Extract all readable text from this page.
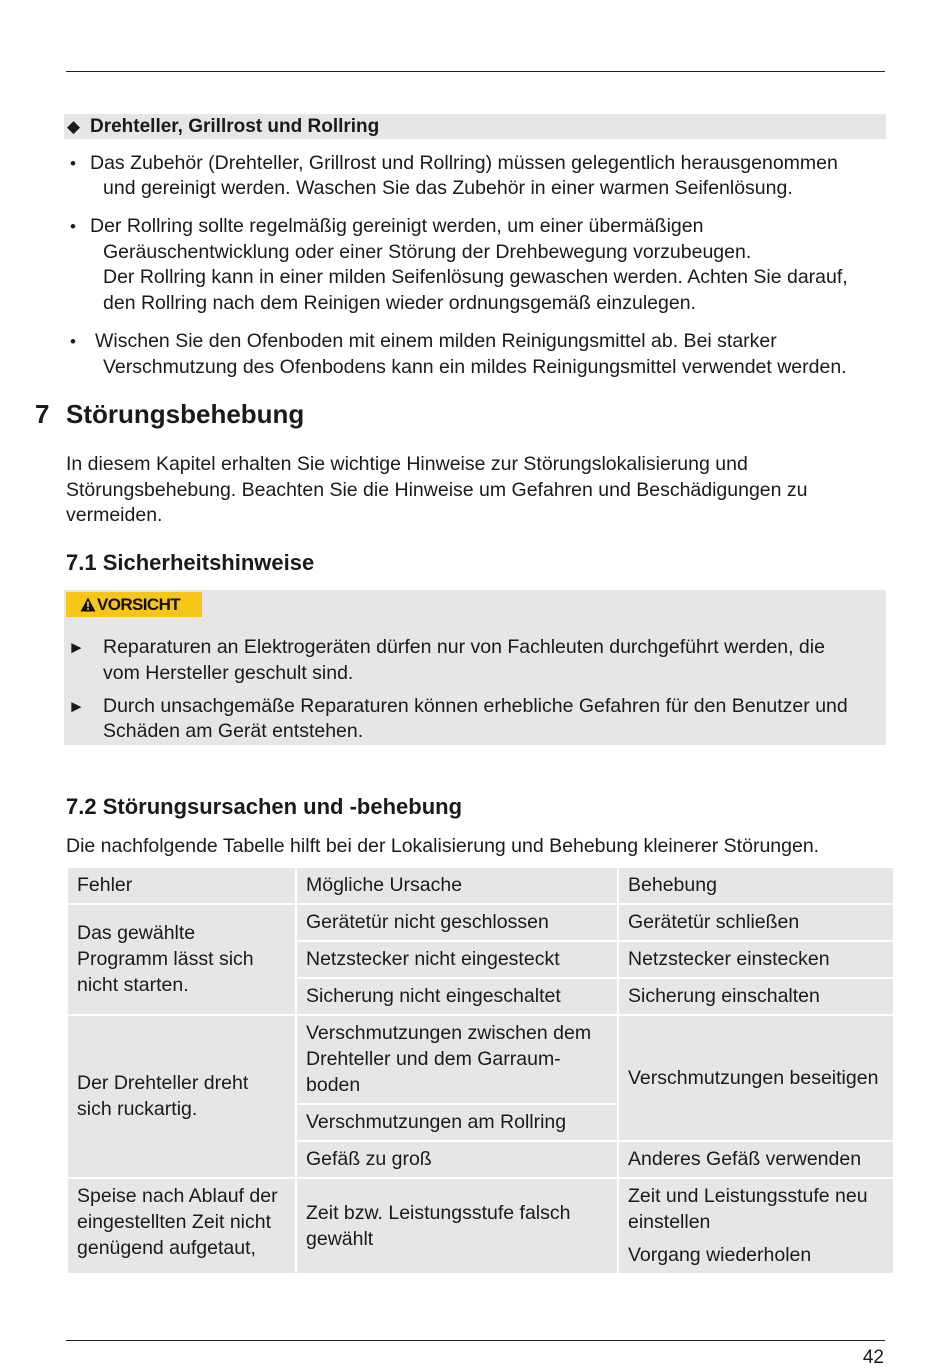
◆ Drehteller, Grillrost und Rollring
• Das Zubehör (Drehteller, Grillrost und Rollring) müssen gelegentlich herausgenommen
und gereinigt werden. Waschen Sie das Zubehör in einer warmen Seifenlösung.
• Der Rollring sollte regelmäßig gereinigt werden, um einer übermäßigen
Geräuschentwicklung oder einer Störung der Drehbewegung vorzubeugen.
Der Rollring kann in einer milden Seifenlösung gewaschen werden. Achten Sie darauf,
den Rollring nach dem Reinigen wieder ordnungsgemäß einzulegen.
• Wischen Sie den Ofenboden mit einem milden Reinigungsmittel ab. Bei starker
Verschmutzung des Ofenbodens kann ein mildes Reinigungsmittel verwendet werden.
7 Störungsbehebung
In diesem Kapitel erhalten Sie wichtige Hinweise zur Störungslokalisierung und
Störungsbehebung. Beachten Sie die Hinweise um Gefahren und Beschädigungen zu
vermeiden.
7.1 Sicherheitshinweise
VORSICHT
► Reparaturen an Elektrogeräten dürfen nur von Fachleuten durchgeführt werden, die
vom Hersteller geschult sind.
► Durch unsachgemäße Reparaturen können erhebliche Gefahren für den Benutzer und
Schäden am Gerät entstehen.
7.2 Störungsursachen und -behebung
Die nachfolgende Tabelle hilft bei der Lokalisierung und Behebung kleinerer Störungen.
Fehler	Mögliche Ursache	Behebung
Das gewählte Programm lässt sich nicht starten.	Gerätetür nicht geschlossen	Gerätetür schließen
	Netzstecker nicht eingesteckt	Netzstecker einstecken
	Sicherung nicht eingeschaltet	Sicherung einschalten
Der Drehteller dreht sich ruckartig.	Verschmutzungen zwischen dem Drehteller und dem Garraum-boden	Verschmutzungen beseitigen
	Verschmutzungen am Rollring	
	Gefäß zu groß	Anderes Gefäß verwenden
Speise nach Ablauf der eingestellten Zeit nicht genügend aufgetaut,	Zeit bzw. Leistungsstufe falsch gewählt	Zeit und Leistungsstufe neu einstellen
Vorgang wiederholen
42
